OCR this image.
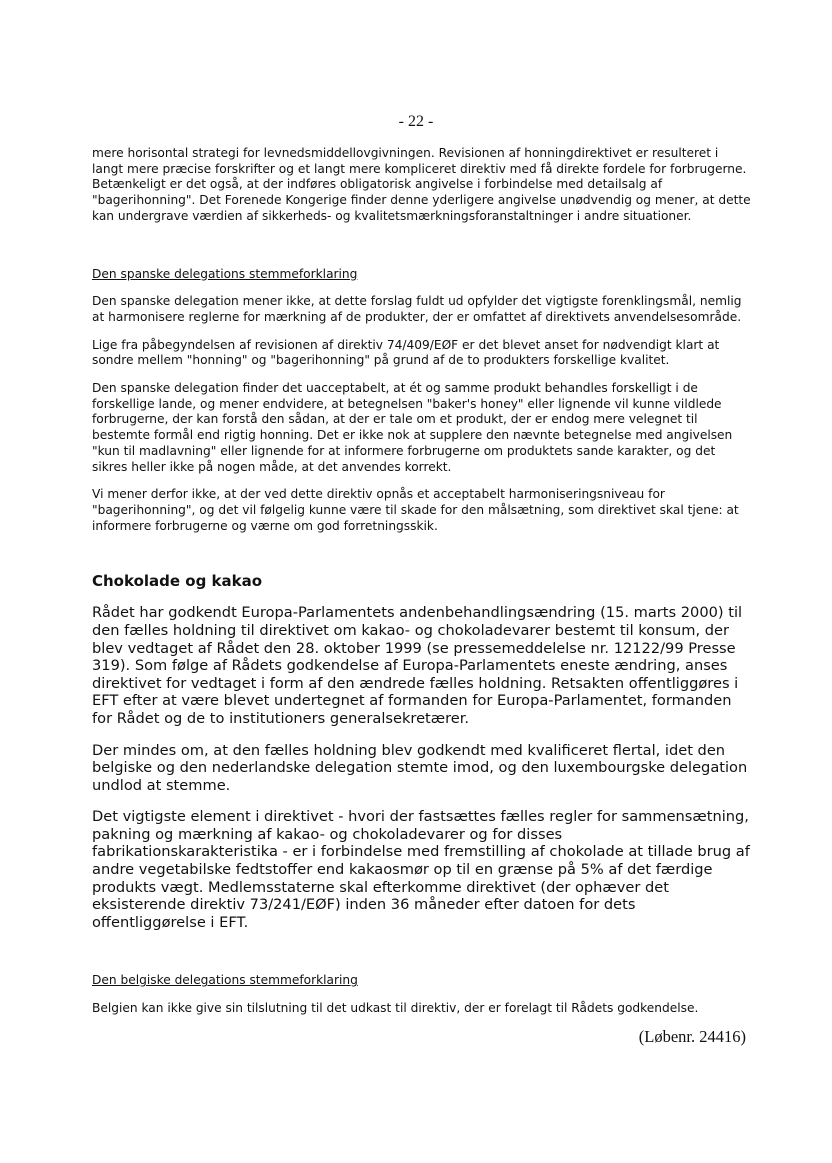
- 22 -

mere horisontal strategi for levnedsmiddellovgivningen. Revisionen af honningdirektivet er resulteret i langt mere præcise forskrifter og et langt mere kompliceret direktiv med få direkte fordele for forbrugerne. Betænkeligt er det også, at der indføres obligatorisk angivelse i forbindelse med detailsalg af "bagerihonning". Det Forenede Kongerige finder denne yderligere angivelse unødvendig og mener, at dette kan undergrave værdien af sikkerheds- og kvalitetsmærkningsforanstaltninger i andre situationer.

Den spanske delegations stemmeforklaring

Den spanske delegation mener ikke, at dette forslag fuldt ud opfylder det vigtigste forenklingsmål, nemlig at harmonisere reglerne for mærkning af de produkter, der er omfattet af direktivets anvendelsesområde.

Lige fra påbegyndelsen af revisionen af direktiv 74/409/EØF er det blevet anset for nødvendigt klart at sondre mellem "honning" og "bagerihonning" på grund af de to produkters forskellige kvalitet.

Den spanske delegation finder det uacceptabelt, at ét og samme produkt behandles forskelligt i de forskellige lande, og mener endvidere, at betegnelsen "baker's honey" eller lignende vil kunne vildlede forbrugerne, der kan forstå den sådan, at der er tale om et produkt, der er endog mere velegnet til bestemte formål end rigtig honning. Det er ikke nok at supplere den nævnte betegnelse med angivelsen "kun til madlavning" eller lignende for at informere forbrugerne om produktets sande karakter, og det sikres heller ikke på nogen måde, at det anvendes korrekt.

Vi mener derfor ikke, at der ved dette direktiv opnås et acceptabelt harmoniseringsniveau for "bagerihonning", og det vil følgelig kunne være til skade for den målsætning, som direktivet skal tjene: at informere forbrugerne og værne om god forretningsskik.

Chokolade og kakao

Rådet har godkendt Europa-Parlamentets andenbehandlingsændring (15. marts 2000) til den fælles holdning til direktivet om kakao- og chokoladevarer bestemt til konsum, der blev vedtaget af Rådet den 28. oktober 1999 (se pressemeddelelse nr. 12122/99 Presse 319). Som følge af Rådets godkendelse af Europa-Parlamentets eneste ændring, anses direktivet for vedtaget i form af den ændrede fælles holdning. Retsakten offentliggøres i EFT efter at være blevet undertegnet af formanden for Europa-Parlamentet, formanden for Rådet og de to institutioners generalsekretærer.

Der mindes om, at den fælles holdning blev godkendt med kvalificeret flertal, idet den belgiske og den nederlandske delegation stemte imod, og den luxembourgske delegation undlod at stemme.

Det vigtigste element i direktivet - hvori der fastsættes fælles regler for sammensætning, pakning og mærkning af kakao- og chokoladevarer og for disses fabrikationskarakteristika - er i forbindelse med fremstilling af chokolade at tillade brug af andre vegetabilske fedtstoffer end kakaosmør op til en grænse på 5% af det færdige produkts vægt. Medlemsstaterne skal efterkomme direktivet (der ophæver det eksisterende direktiv 73/241/EØF) inden 36 måneder efter datoen for dets offentliggørelse i EFT.

Den belgiske delegations stemmeforklaring

Belgien kan ikke give sin tilslutning til det udkast til direktiv, der er forelagt til Rådets godkendelse.

(Løbenr. 24416)
